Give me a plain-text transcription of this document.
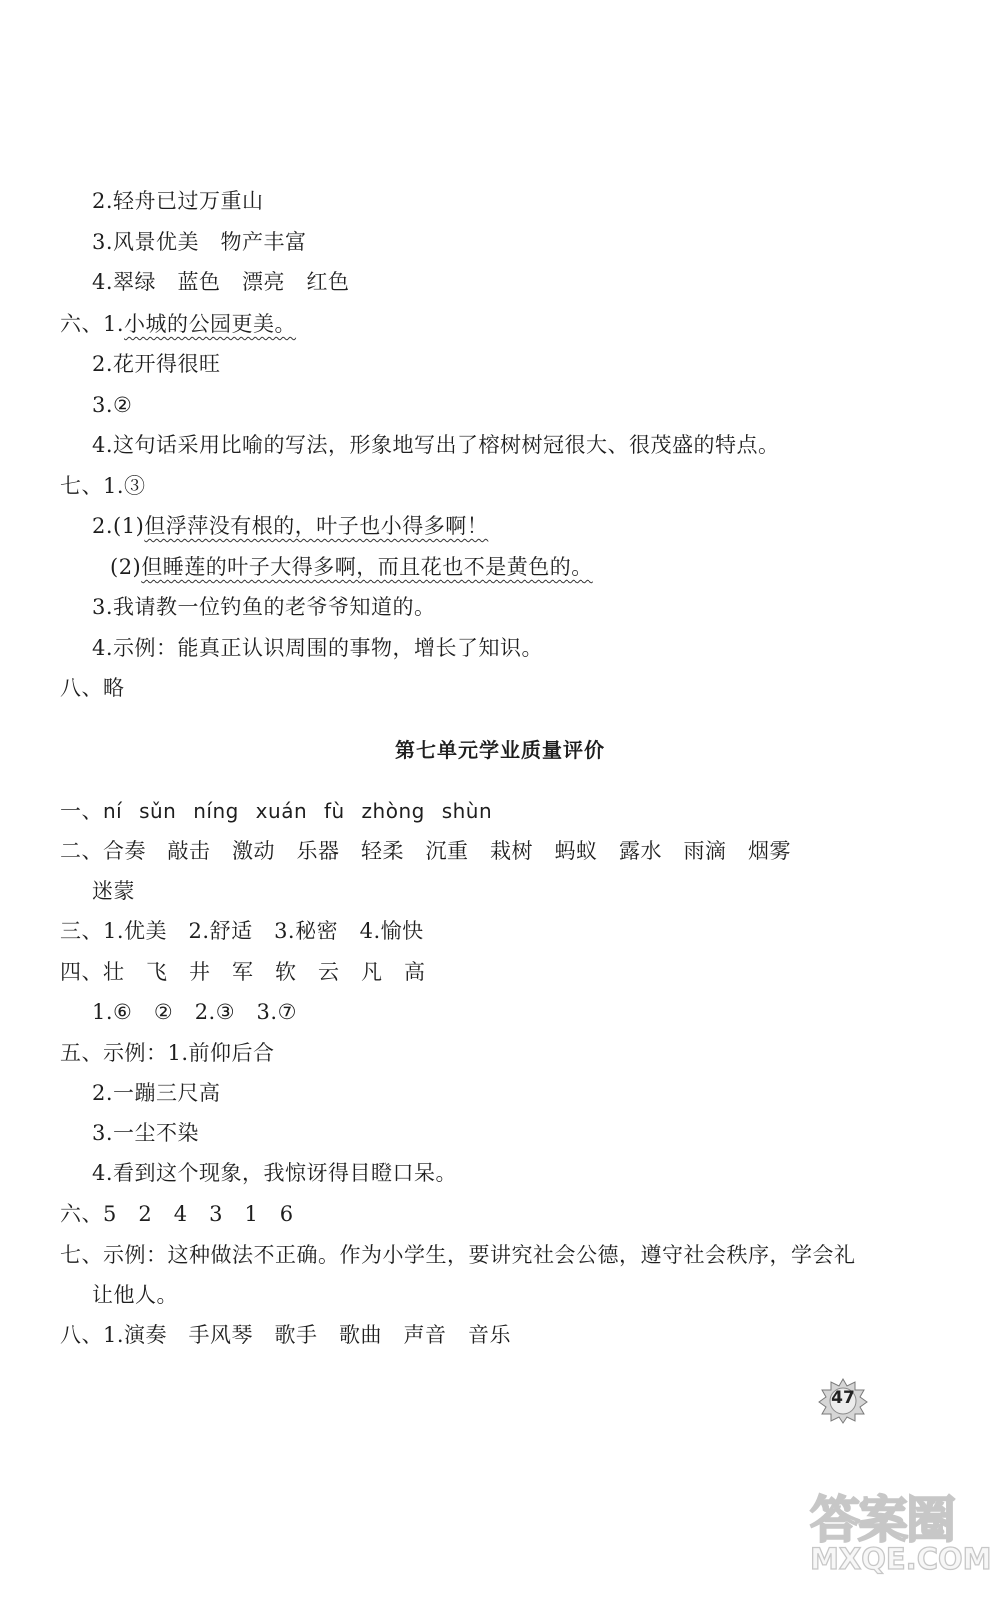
2.轻舟已过万重山
3.风景优美　物产丰富
4.翠绿　蓝色　漂亮　红色
六、1.小城的公园更美。
2.花开得很旺
3.②
4.这句话采用比喻的写法，形象地写出了榕树树冠很大、很茂盛的特点。
七、1.③
2.(1)但浮萍没有根的，叶子也小得多啊！
(2)但睡莲的叶子大得多啊，而且花也不是黄色的。
3.我请教一位钓鱼的老爷爷知道的。
4.示例：能真正认识周围的事物，增长了知识。
八、略
第七单元学业质量评价
一、ní sǔn níng xuán fù zhòng shùn
二、合奏　敲击　激动　乐器　轻柔　沉重　栽树　蚂蚁　露水　雨滴　烟雾
迷蒙
三、1.优美　2.舒适　3.秘密　4.愉快
四、壮　飞　井　军　软　云　凡　高
1.⑥　②　2.③　3.⑦
五、示例：1.前仰后合
2.一蹦三尺高
3.一尘不染
4.看到这个现象，我惊讶得目瞪口呆。
六、5　2　4　3　1　6
七、示例：这种做法不正确。作为小学生，要讲究社会公德，遵守社会秩序，学会礼
让他人。
八、1.演奏　手风琴　歌手　歌曲　声音　音乐
47
答案圈
MXQE.COM
